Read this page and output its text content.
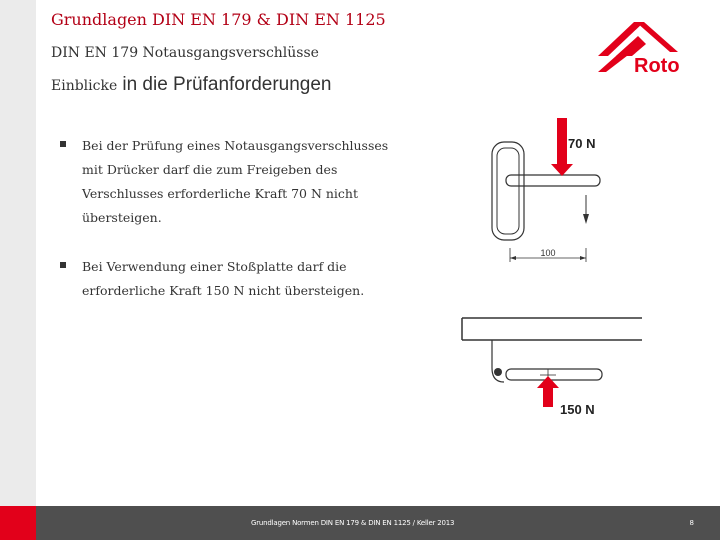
Grundlagen Normen DIN EN 179 & DIN EN 1125 / Keller 2013	8
Grundlagen DIN EN 179 & DIN EN 1125
DIN EN 179 Notausgangsverschlüsse
Einblicke in die Prüfanforderungen
Roto
Bei der Prüfung eines Notausgangsverschlusses mit Drücker darf die zum Freigeben des Verschlusses erforderliche Kraft 70 N nicht übersteigen.
Bei Verwendung einer Stoßplatte darf die erforderliche Kraft 150 N nicht übersteigen.
100
70 N
150 N
